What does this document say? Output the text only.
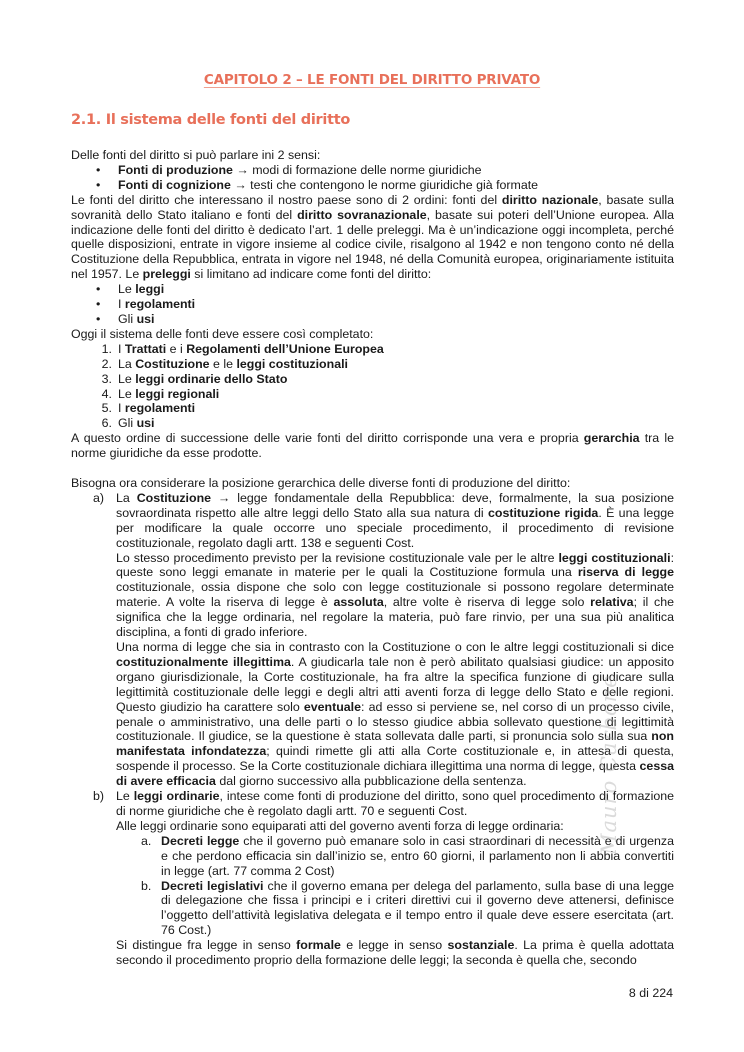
CAPITOLO 2 – LE FONTI DEL DIRITTO PRIVATO
2.1. Il sistema delle fonti del diritto

Delle fonti del diritto si può parlare ini 2 sensi:

• Fonti di produzione → modi di formazione delle norme giuridiche

• Fonti di cognizione → testi che contengono le norme giuridiche già formate

Le fonti del diritto che interessano il nostro paese sono di 2 ordini: fonti del diritto nazionale, basate sulla sovranità dello Stato italiano e fonti del diritto sovranazionale, basate sui poteri dell’Unione europea. Alla indicazione delle fonti del diritto è dedicato l’art. 1 delle preleggi. Ma è un’indicazione oggi incompleta, perché quelle disposizioni, entrate in vigore insieme al codice civile, risalgono al 1942 e non tengono conto né della Costituzione della Repubblica, entrata in vigore nel 1948, né della Comunità europea, originariamente istituita nel 1957. Le preleggi si limitano ad indicare come fonti del diritto:

• Le leggi

• I regolamenti

• Gli usi

Oggi il sistema delle fonti deve essere così completato:

1. I Trattati e i Regolamenti dell’Unione Europea

2. La Costituzione e le leggi costituzionali

3. Le leggi ordinarie dello Stato

4. Le leggi regionali

5. I regolamenti

6. Gli usi

A questo ordine di successione delle varie fonti del diritto corrisponde una vera e propria gerarchia tra le norme giuridiche da esse prodotte.

Bisogna ora considerare la posizione gerarchica delle diverse fonti di produzione del diritto:

a) La Costituzione → legge fondamentale della Repubblica: deve, formalmente, la sua posizione sovraordinata rispetto alle altre leggi dello Stato alla sua natura di costituzione rigida. È una legge per modificare la quale occorre uno speciale procedimento, il procedimento di revisione costituzionale, regolato dagli artt. 138 e seguenti Cost.

Lo stesso procedimento previsto per la revisione costituzionale vale per le altre leggi costituzionali: queste sono leggi emanate in materie per le quali la Costituzione formula una riserva di legge costituzionale, ossia dispone che solo con legge costituzionale si possono regolare determinate materie. A volte la riserva di legge è assoluta, altre volte è riserva di legge solo relativa; il che significa che la legge ordinaria, nel regolare la materia, può fare rinvio, per una sua più analitica disciplina, a fonti di grado inferiore.

Una norma di legge che sia in contrasto con la Costituzione o con le altre leggi costituzionali si dice costituzionalmente illegittima. A giudicarla tale non è però abilitato qualsiasi giudice: un apposito organo giurisdizionale, la Corte costituzionale, ha fra altre la specifica funzione di giudicare sulla legittimità costituzionale delle leggi e degli altri atti aventi forza di legge dello Stato e delle regioni. Questo giudizio ha carattere solo eventuale: ad esso si perviene se, nel corso di un processo civile, penale o amministrativo, una delle parti o lo stesso giudice abbia sollevato questione di legittimità costituzionale. Il giudice, se la questione è stata sollevata dalle parti, si pronuncia solo sulla sua non manifestata infondatezza; quindi rimette gli atti alla Corte costituzionale e, in attesa di questa, sospende il processo. Se la Corte costituzionale dichiara illegittima una norma di legge, questa cessa di avere efficacia dal giorno successivo alla pubblicazione della sentenza.

b) Le leggi ordinarie, intese come fonti di produzione del diritto, sono quel procedimento di formazione di norme giuridiche che è regolato dagli artt. 70 e seguenti Cost.

Alle leggi ordinarie sono equiparati atti del governo aventi forza di legge ordinaria:

a. Decreti legge che il governo può emanare solo in casi straordinari di necessità e di urgenza e che perdono efficacia sin dall’inizio se, entro 60 giorni, il parlamento non li abbia convertiti in legge (art. 77 comma 2 Cost)

b. Decreti legislativi che il governo emana per delega del parlamento, sulla base di una legge di delegazione che fissa i principi e i criteri direttivi cui il governo deve attenersi, definisce l’oggetto dell’attività legislativa delegata e il tempo entro il quale deve essere esercitata (art. 76 Cost.)

Si distingue fra legge in senso formale e legge in senso sostanziale. La prima è quella adottata secondo il procedimento proprio della formazione delle leggi; la seconda è quella che, secondo

Mauro Carbone
8 di 224
